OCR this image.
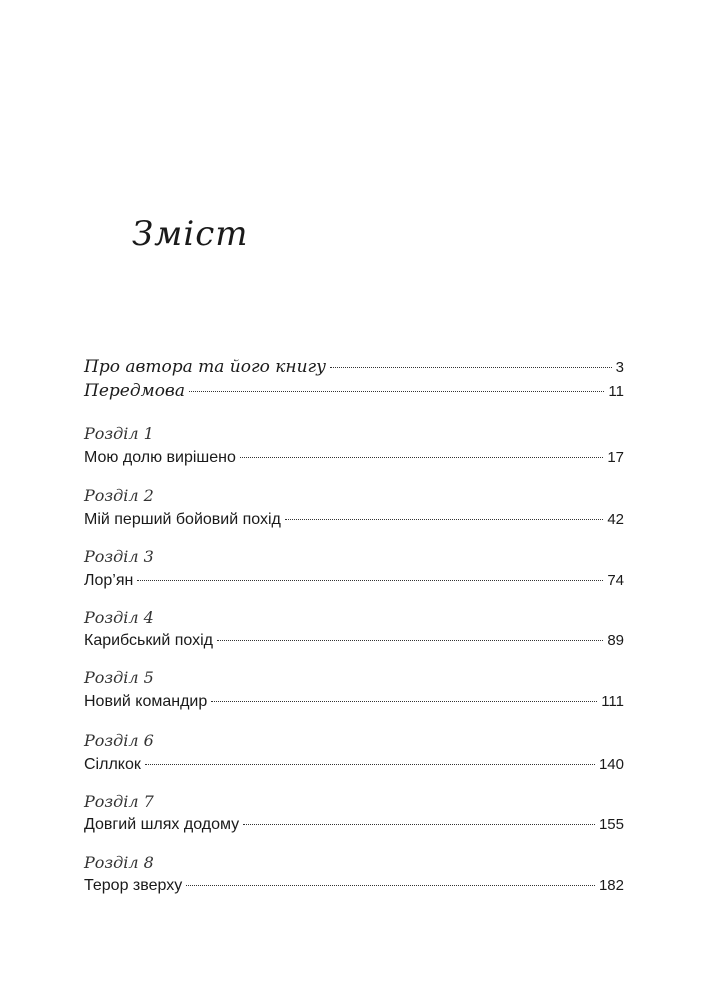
Зміст
Про автора та його книгу	3
Передмова	11
Розділ 1
Мою долю вирішено	17
Розділ 2
Мій перший бойовий похід	42
Розділ 3
Лор’ян	74
Розділ 4
Карибський похід	89
Розділ 5
Новий командир	111
Розділ 6
Сіллкок	140
Розділ 7
Довгий шлях додому	155
Розділ 8
Терор зверху	182
